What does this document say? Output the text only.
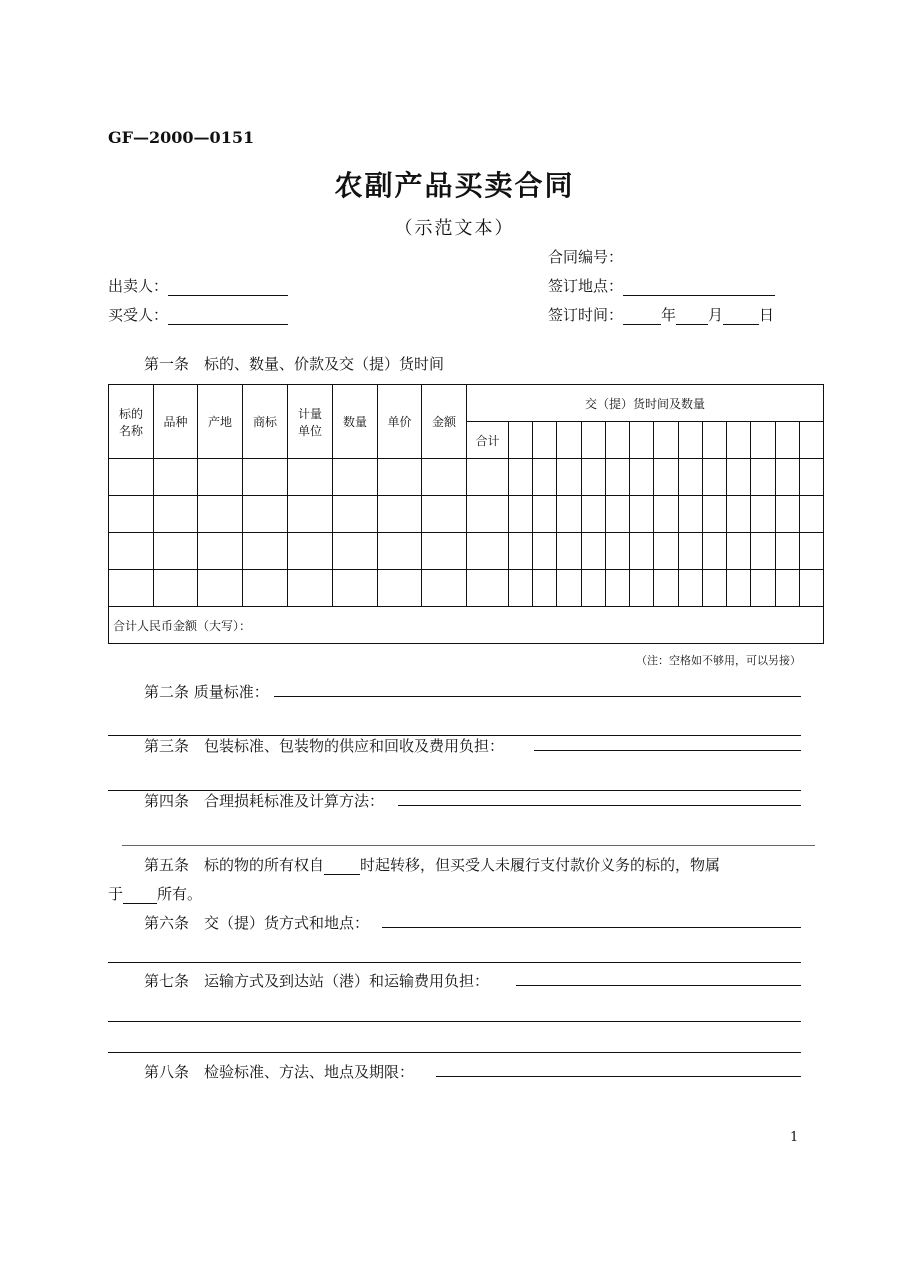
GF—2000—0151
农副产品买卖合同
（示范文本）
合同编号：
出卖人：	签订地点：
买受人：	签订时间：	年 月 日
第一条　标的、数量、价款及交（提）货时间
标的名称	品种	产地	商标	计量单位	数量	单价	金额	交（提）货时间及数量													
								合计													

合计人民币金额（大写）：																					
（注：空格如不够用，可以另接）
第二条 质量标准：
第三条　包装标准、包装物的供应和回收及费用负担：
第四条　合理损耗标准及计算方法：
第五条　标的物的所有权自 时起转移，但买受人未履行支付款价义务的标的，物属
于 所有。
第六条　交（提）货方式和地点：
第七条　运输方式及到达站（港）和运输费用负担：
第八条　检验标准、方法、地点及期限：
1
